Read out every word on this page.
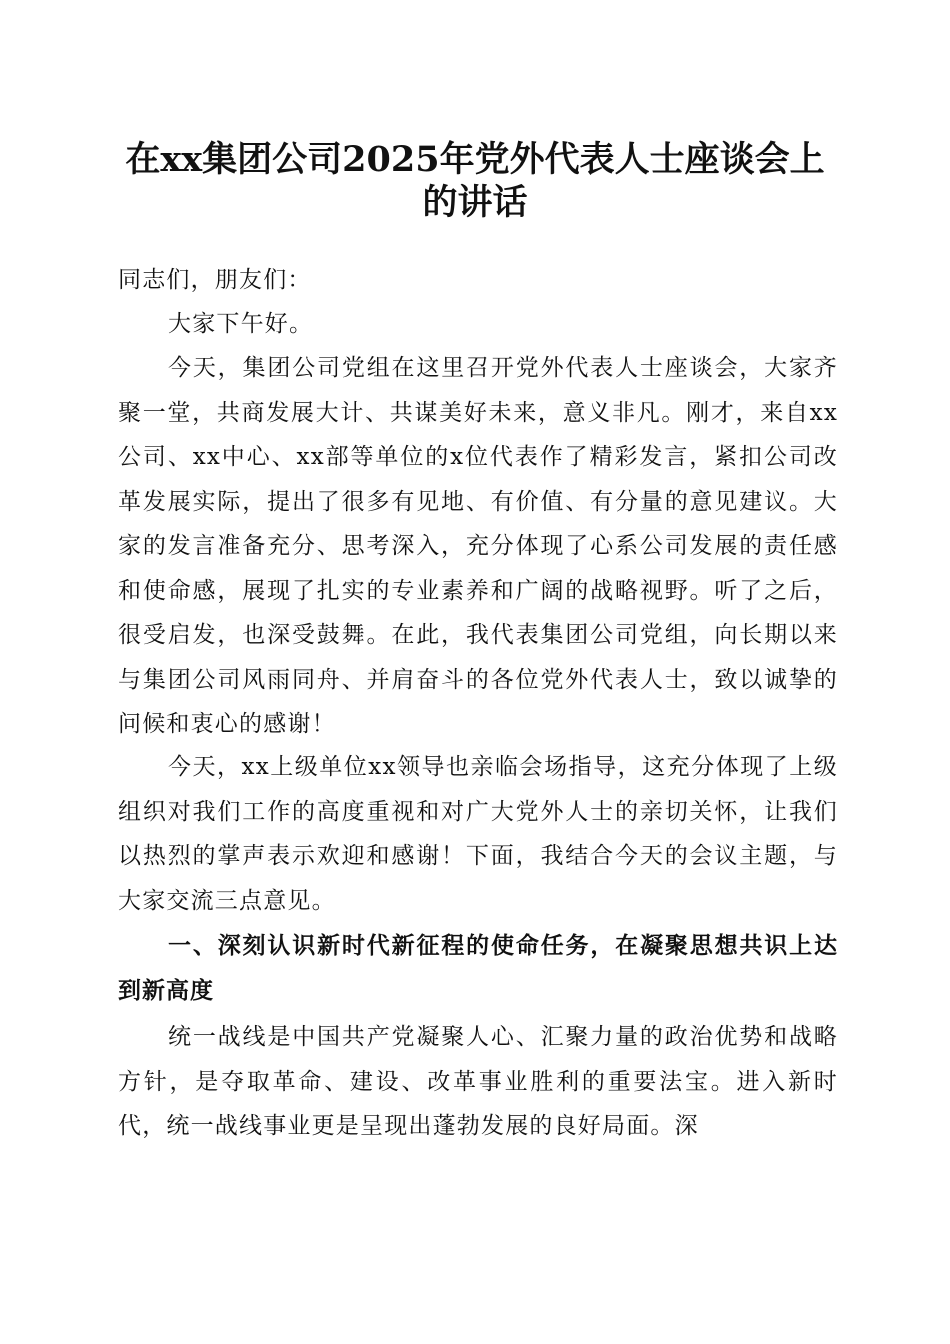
在xx集团公司2025年党外代表人士座谈会上
的讲话

同志们，朋友们：

大家下午好。

今天，集团公司党组在这里召开党外代表人士座谈会，大家齐聚一堂，共商发展大计、共谋美好未来，意义非凡。刚才，来自xx公司、xx中心、xx部等单位的x位代表作了精彩发言，紧扣公司改革发展实际，提出了很多有见地、有价值、有分量的意见建议。大家的发言准备充分、思考深入，充分体现了心系公司发展的责任感和使命感，展现了扎实的专业素养和广阔的战略视野。听了之后，很受启发，也深受鼓舞。在此，我代表集团公司党组，向长期以来与集团公司风雨同舟、并肩奋斗的各位党外代表人士，致以诚挚的问候和衷心的感谢！

今天，xx上级单位xx领导也亲临会场指导，这充分体现了上级组织对我们工作的高度重视和对广大党外人士的亲切关怀，让我们以热烈的掌声表示欢迎和感谢！下面，我结合今天的会议主题，与大家交流三点意见。

一、深刻认识新时代新征程的使命任务，在凝聚思想共识上达到新高度

统一战线是中国共产党凝聚人心、汇聚力量的政治优势和战略方针，是夺取革命、建设、改革事业胜利的重要法宝。进入新时代，统一战线事业更是呈现出蓬勃发展的良好局面。深
